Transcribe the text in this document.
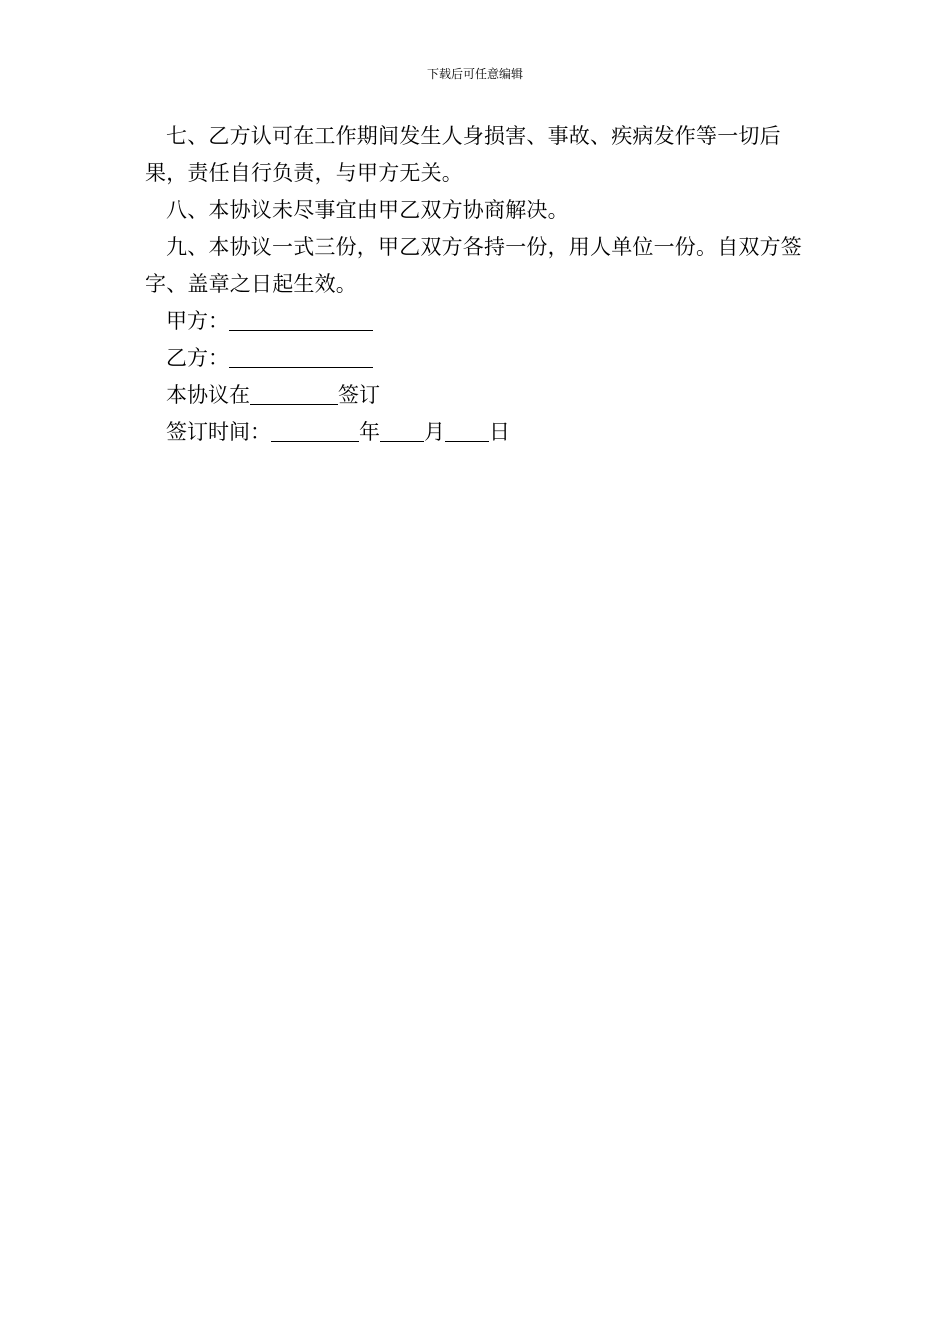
下载后可任意编辑

七、乙方认可在工作期间发生人身损害、事故、疾病发作等一切后果，责任自行负责，与甲方无关。

八、本协议未尽事宜由甲乙双方协商解决。

九、本协议一式三份，甲乙双方各持一份，用人单位一份。自双方签字、盖章之日起生效。

甲方：
乙方：
本协议在	签订
签订时间：	年 月 日
